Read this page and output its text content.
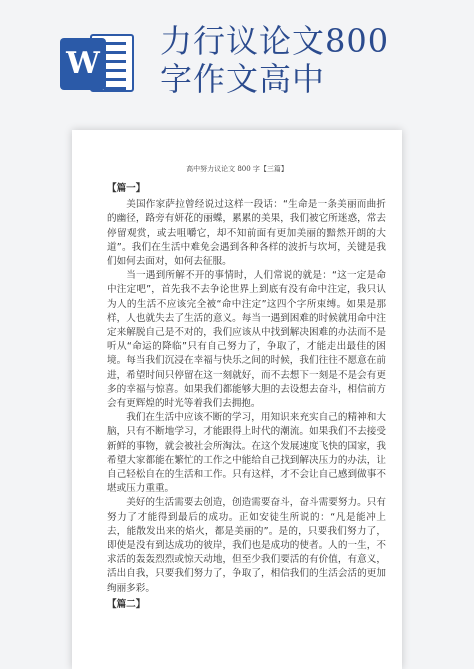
W
力行议论文800
字作文高中
高中努力议论文 800 字【三篇】
【篇一】

美国作家萨拉曾经说过这样一段话：“生命是一条美丽而曲折的幽径，路旁有妍花的丽蝶，累累的美果，我们被它所迷惑，常去停留观赏，或去咀嚼它，却不知前面有更加美丽的黯然开朗的大道”。我们在生活中难免会遇到各种各样的波折与坎坷，关键是我们如何去面对，如何去征服。

当一遇到所解不开的事情时，人们常说的就是：“这一定是命中注定吧”，首先我不去争论世界上到底有没有命中注定，我只认为人的生活不应该完全被“命中注定”这四个字所束缚。如果是那样，人也就失去了生活的意义。每当一遇到困难的时候就用命中注定来解脱自己是不对的，我们应该从中找到解决困难的办法而不是听从“命运的降临”只有自己努力了，争取了，才能走出最佳的困境。每当我们沉浸在幸福与快乐之间的时候，我们往往不愿意在前进，希望时间只停留在这一刻就好，而不去想下一刻是不是会有更多的幸福与惊喜。如果我们都能够大胆的去设想去奋斗，相信前方会有更辉煌的时光等着我们去拥抱。

我们在生活中应该不断的学习，用知识来充实自己的精神和大脑，只有不断地学习，才能跟得上时代的潮流。如果我们不去接受新鲜的事物，就会被社会所淘汰。在这个发展速度飞快的国家，我希望大家都能在繁忙的工作之中能给自己找到解决压力的办法，让自己轻松自在的生活和工作。只有这样，才不会让自己感到做事不堪或压力重重。

美好的生活需要去创造，创造需要奋斗，奋斗需要努力。只有努力了才能得到最后的成功。正如安徒生所说的：“凡是能冲上去，能散发出来的焰火，都是美丽的”。是的，只要我们努力了，即使是没有到达成功的彼岸，我们也是成功的使者。人的一生，不求活的轰轰烈烈或惊天动地，但至少我们要活的有价值，有意义，活出自我，只要我们努力了，争取了，相信我们的生活会活的更加绚丽多彩。

【篇二】
